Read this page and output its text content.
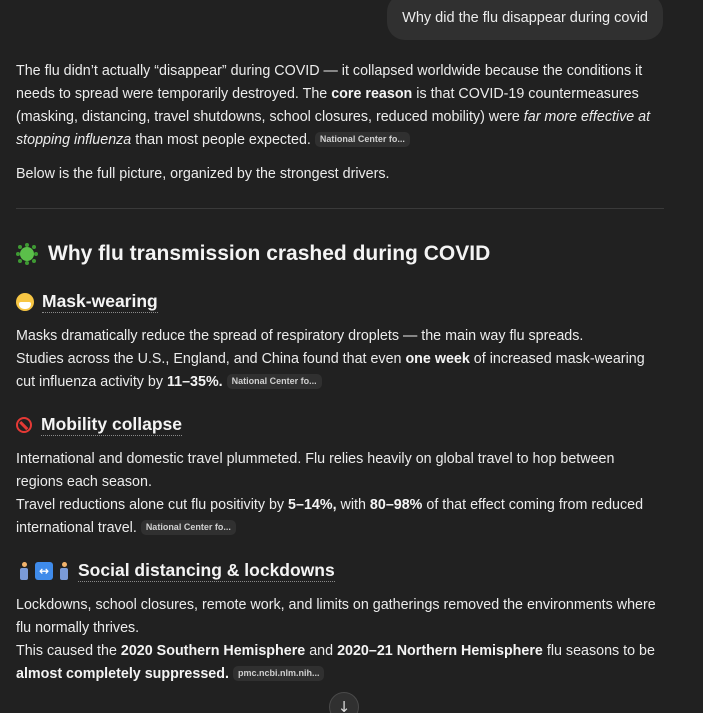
Why did the flu disappear during covid

The flu didn’t actually “disappear” during COVID — it collapsed worldwide because the conditions it needs to spread were temporarily destroyed. The core reason is that COVID-19 countermeasures (masking, distancing, travel shutdowns, school closures, reduced mobility) were far more effective at stopping influenza than most people expected. National Center fo...

Below is the full picture, organized by the strongest drivers.

Why flu transmission crashed during COVID
Mask-wearing
Masks dramatically reduce the spread of respiratory droplets — the main way flu spreads.
Studies across the U.S., England, and China found that even one week of increased mask-wearing cut influenza activity by 11–35%. National Center fo...
Mobility collapse
International and domestic travel plummeted. Flu relies heavily on global travel to hop between regions each season.
Travel reductions alone cut flu positivity by 5–14%, with 80–98% of that effect coming from reduced international travel. National Center fo...
↔ Social distancing & lockdowns
Lockdowns, school closures, remote work, and limits on gatherings removed the environments where flu normally thrives.
This caused the 2020 Southern Hemisphere and 2020–21 Northern Hemisphere flu seasons to be almost completely suppressed. pmc.ncbi.nlm.nih...
↓
